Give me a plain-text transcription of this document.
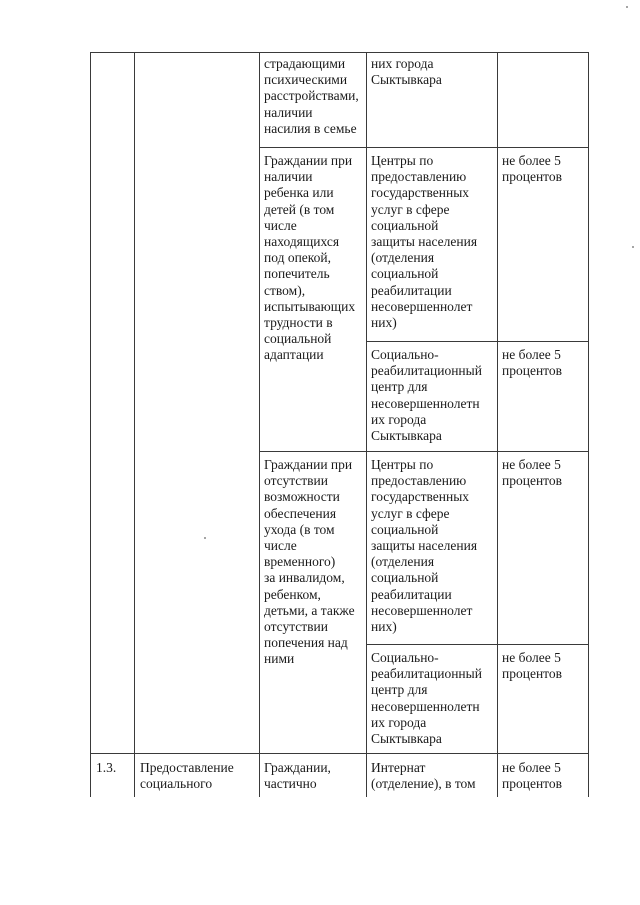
страдающими
психическими
расстройствами,
наличии
насилия в семье
них города
Сыктывкара
Граждании при
наличии
ребенка или
детей (в том
числе
находящихся
под опекой,
попечитель
ством),
испытывающих
трудности в
социальной
адаптации
Центры по
предоставлению
государственных
услуг в сфере
социальной
защиты населения
(отделения
социальной
реабилитации
несовершеннолет
них)
не более 5
процентов
Социально-
реабилитационный
центр для
несовершеннолетн
их города
Сыктывкара
не более 5
процентов
Граждании при
отсутствии
возможности
обеспечения
ухода (в том
числе
временного)
за инвалидом,
ребенком,
детьми, а также
отсутствии
попечения над
ними
Центры по
предоставлению
государственных
услуг в сфере
социальной
защиты населения
(отделения
социальной
реабилитации
несовершеннолет
них)
не более 5
процентов
Социально-
реабилитационный
центр для
несовершеннолетн
их города
Сыктывкара
не более 5
процентов
1.3. Предоставление
социального
Граждании,
частично
Интернат
(отделение), в том
не более 5
процентов
